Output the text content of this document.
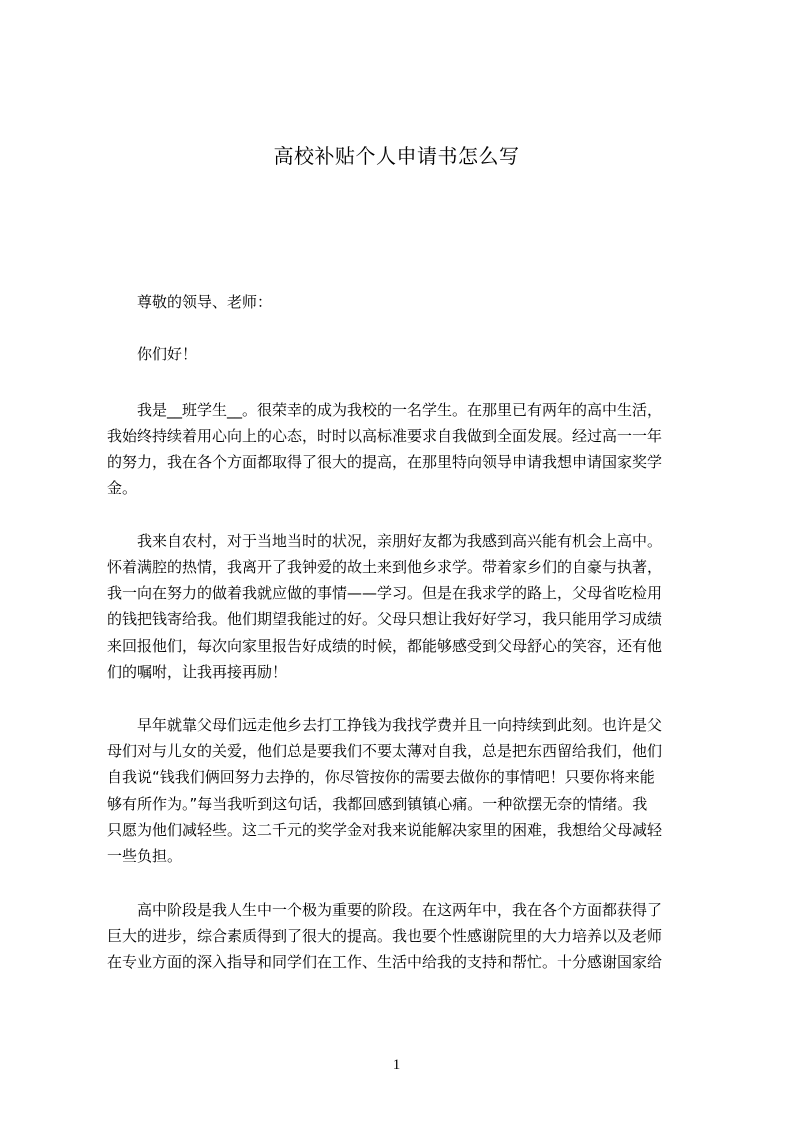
高校补贴个人申请书怎么写
尊敬的领导、老师：
你们好！
我是__班学生__。很荣幸的成为我校的一名学生。在那里已有两年的高中生活，
我始终持续着用心向上的心态，时时以高标准要求自我做到全面发展。经过高一一年
的努力，我在各个方面都取得了很大的提高，在那里特向领导申请我想申请国家奖学
金。
我来自农村，对于当地当时的状况，亲朋好友都为我感到高兴能有机会上高中。
怀着满腔的热情，我离开了我钟爱的故土来到他乡求学。带着家乡们的自豪与执著，
我一向在努力的做着我就应做的事情——学习。但是在我求学的路上，父母省吃检用
的钱把钱寄给我。他们期望我能过的好。父母只想让我好好学习，我只能用学习成绩
来回报他们，每次向家里报告好成绩的时候，都能够感受到父母舒心的笑容，还有他
们的嘱咐，让我再接再励！
早年就靠父母们远走他乡去打工挣钱为我找学费并且一向持续到此刻。也许是父
母们对与儿女的关爱，他们总是要我们不要太薄对自我，总是把东西留给我们，他们
自我说“钱我们俩回努力去挣的，你尽管按你的需要去做你的事情吧！只要你将来能
够有所作为。”每当我听到这句话，我都回感到镇镇心痛。一种欲摆无奈的情绪。我
只愿为他们减轻些。这二千元的奖学金对我来说能解决家里的困难，我想给父母减轻
一些负担。
高中阶段是我人生中一个极为重要的阶段。在这两年中，我在各个方面都获得了
巨大的进步，综合素质得到了很大的提高。我也要个性感谢院里的大力培养以及老师
在专业方面的深入指导和同学们在工作、生活中给我的支持和帮忙。十分感谢国家给
1
